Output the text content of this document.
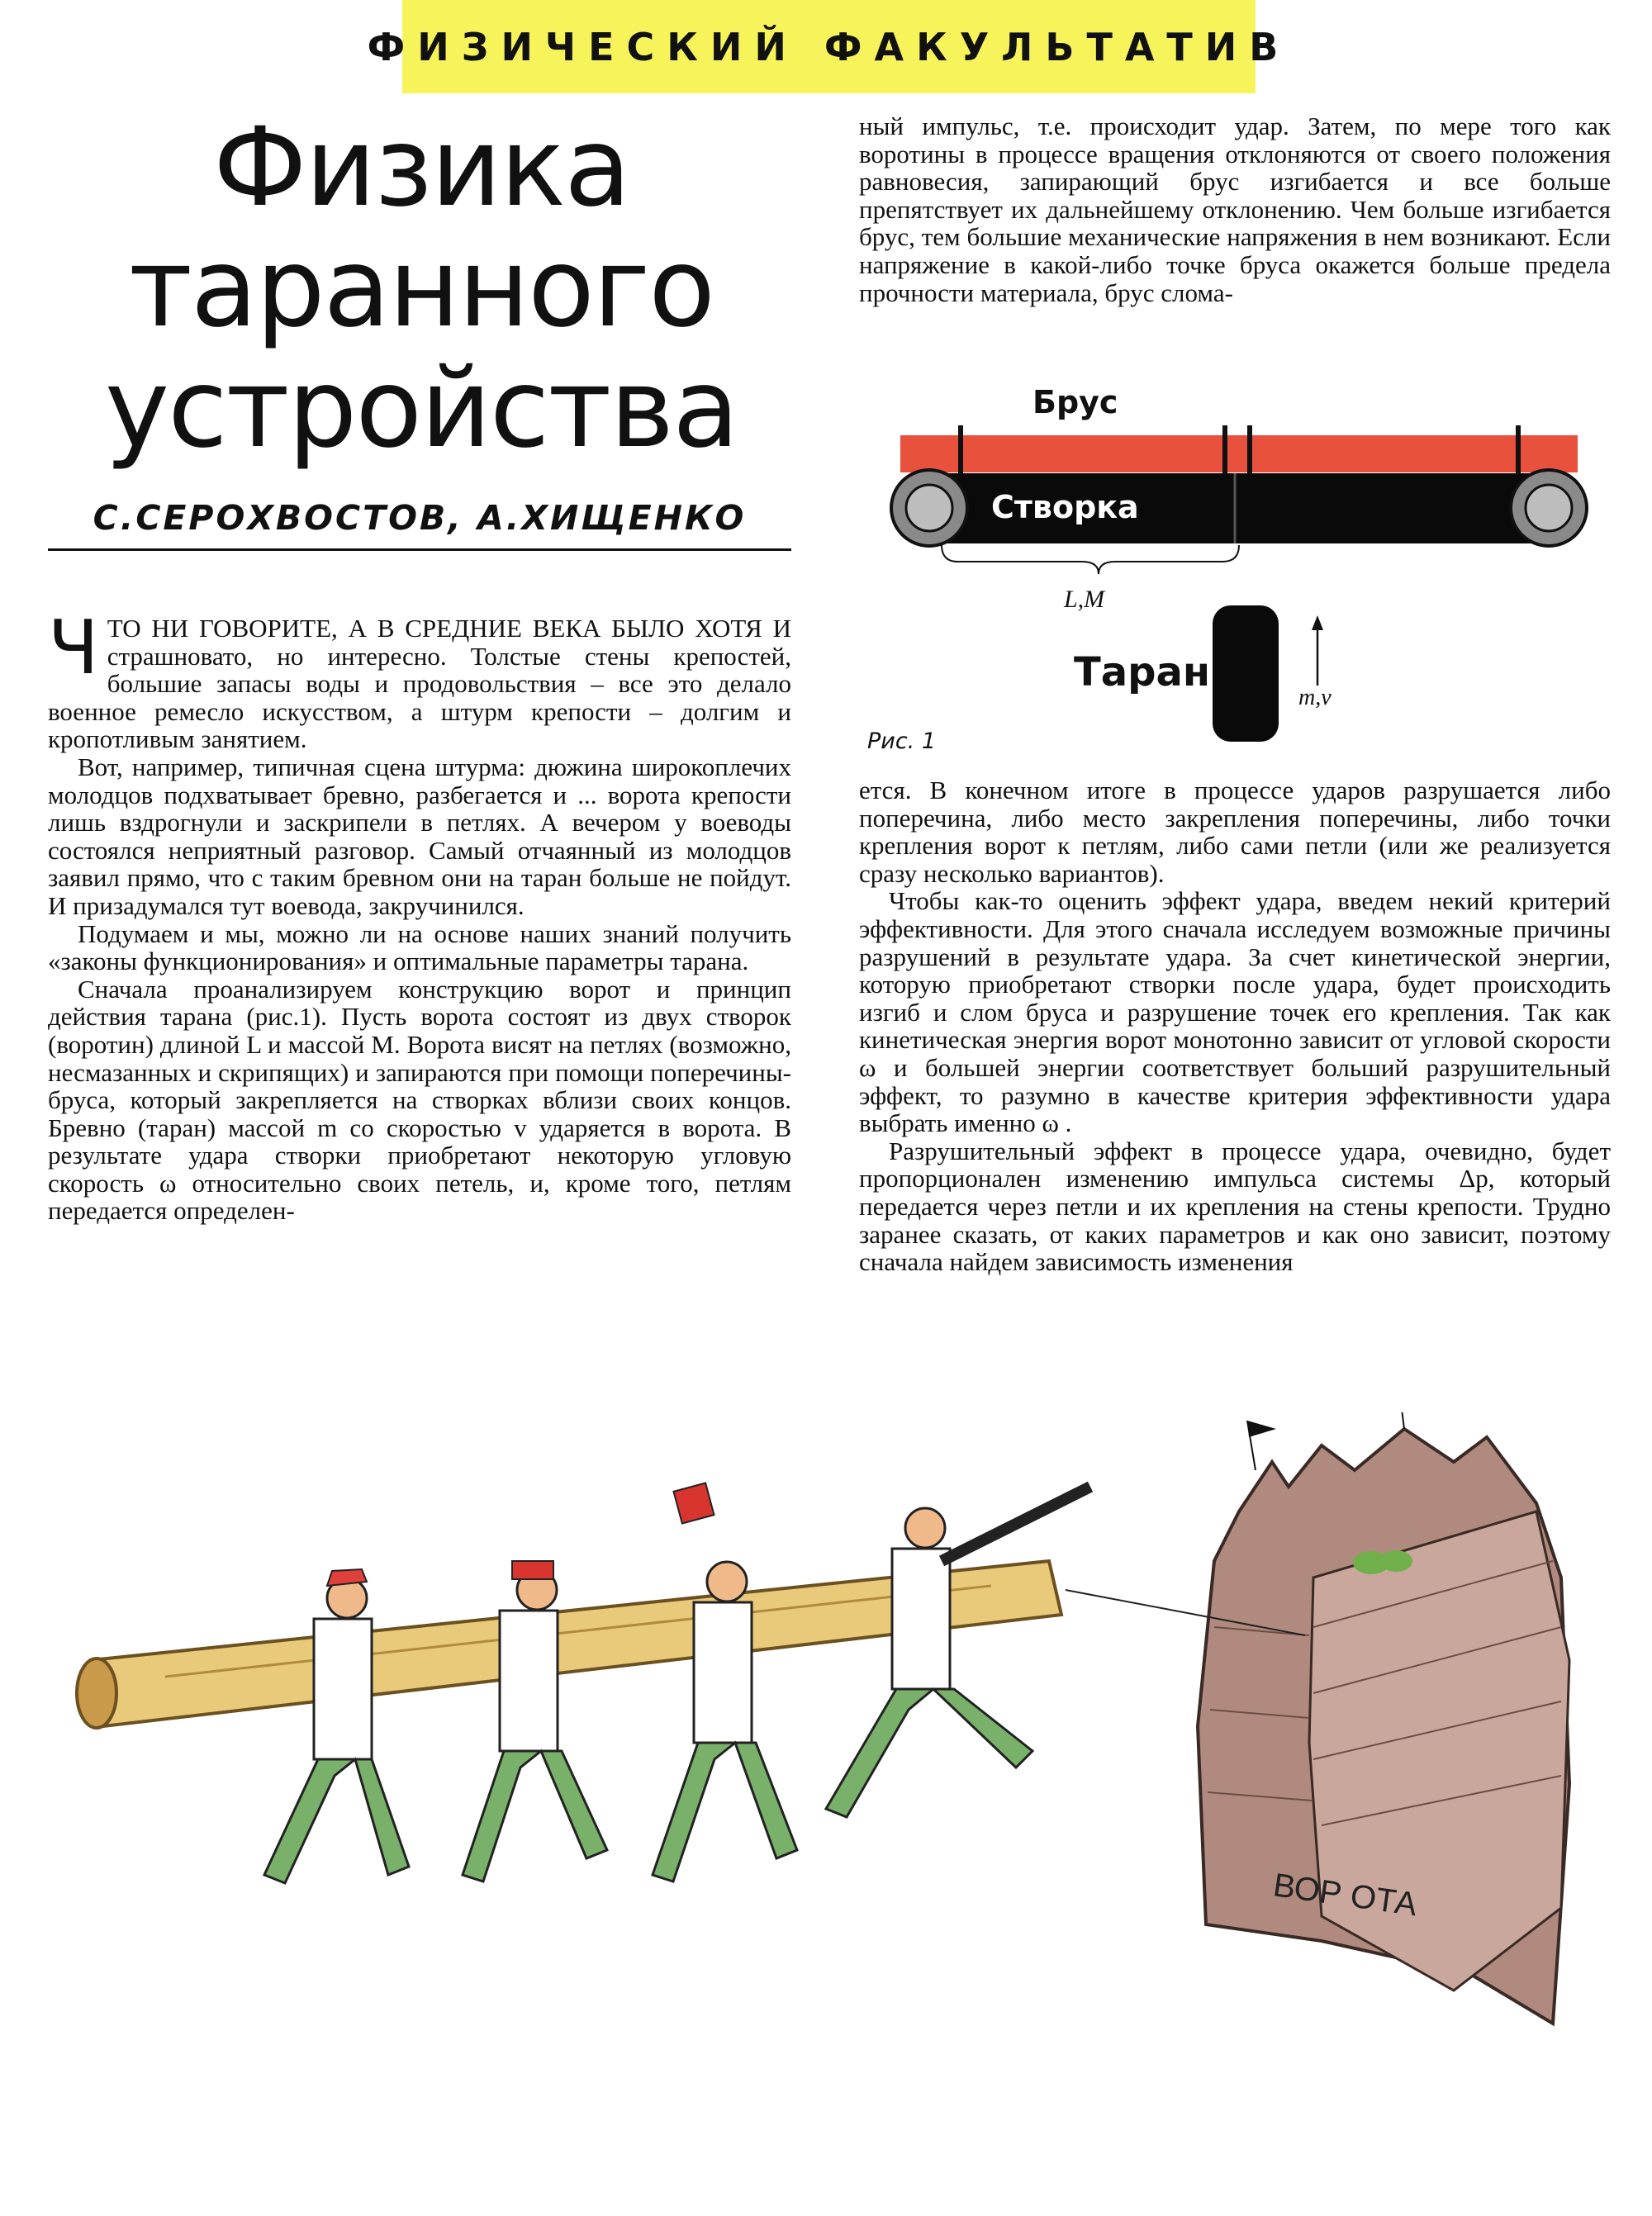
ФИЗИЧЕСКИЙ ФАКУЛЬТАТИВ
Физика
таранного
устройства
С.СЕРОХВОСТОВ, А.ХИЩЕНКО

ЧТО НИ ГОВОРИТЕ, А В СРЕДНИЕ ВЕКА БЫЛО ХОТЯ И страшновато, но интересно. Толстые стены крепостей, большие запасы воды и продовольствия – все это делало военное ремесло искусством, а штурм крепости – долгим и кропотливым занятием.

Вот, например, типичная сцена штурма: дюжина широкоплечих молодцов подхватывает бревно, разбегается и ... ворота крепости лишь вздрогнули и заскрипели в петлях. А вечером у воеводы состоялся неприятный разговор. Самый отчаянный из молодцов заявил прямо, что с таким бревном они на таран больше не пойдут. И призадумался тут воевода, закручинился.

Подумаем и мы, можно ли на основе наших знаний получить «законы функционирования» и оптимальные параметры тарана.

Сначала проанализируем конструкцию ворот и принцип действия тарана (рис.1). Пусть ворота состоят из двух створок (воротин) длиной L и массой M. Ворота висят на петлях (возможно, несмазанных и скрипящих) и запираются при помощи поперечины-бруса, который закрепляется на створках вблизи своих концов. Бревно (таран) массой m со скоростью v ударяется в ворота. В результате удара створки приобретают некоторую угловую скорость ω относительно своих петель, и, кроме того, петлям передается определен-

ный импульс, т.е. происходит удар. Затем, по мере того как воротины в процессе вращения отклоняются от своего положения равновесия, запирающий брус изгибается и все больше препятствует их дальнейшему отклонению. Чем больше изгибается брус, тем большие механические напряжения в нем возникают. Если напряжение в какой-либо точке бруса окажется больше предела прочности материала, брус слома-

Брус
Створка
L,M
Таран
m,v
Рис. 1

ется. В конечном итоге в процессе ударов разрушается либо поперечина, либо место закрепления поперечины, либо точки крепления ворот к петлям, либо сами петли (или же реализуется сразу несколько вариантов).

Чтобы как-то оценить эффект удара, введем некий критерий эффективности. Для этого сначала исследуем возможные причины разрушений в результате удара. За счет кинетической энергии, которую приобретают створки после удара, будет происходить изгиб и слом бруса и разрушение точек его крепления. Так как кинетическая энергия ворот монотонно зависит от угловой скорости ω и большей энергии соответствует больший разрушительный эффект, то разумно в качестве критерия эффективности удара выбрать именно ω .

Разрушительный эффект в процессе удара, очевидно, будет пропорционален изменению импульса системы Δp, который передается через петли и их крепления на стены крепости. Трудно заранее сказать, от каких параметров и как оно зависит, поэтому сначала найдем зависимость изменения

ВОР ОТА
